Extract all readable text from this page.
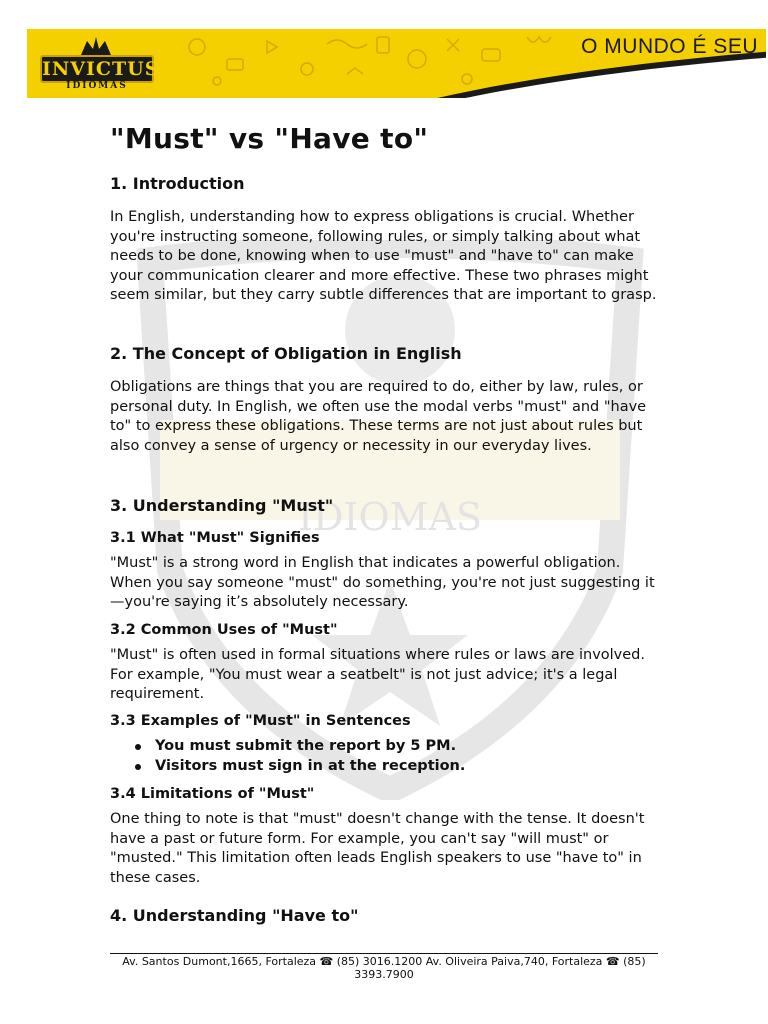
INVICTUS
IDIOMAS
O MUNDO É SEU
IDIOMAS
"Must" vs "Have to"
1. Introduction

In English, understanding how to express obligations is crucial. Whether you're instructing someone, following rules, or simply talking about what needs to be done, knowing when to use "must" and "have to" can make your communication clearer and more effective. These two phrases might seem similar, but they carry subtle differences that are important to grasp.

2. The Concept of Obligation in English

Obligations are things that you are required to do, either by law, rules, or personal duty. In English, we often use the modal verbs "must" and "have to" to express these obligations. These terms are not just about rules but also convey a sense of urgency or necessity in our everyday lives.

3. Understanding "Must"
3.1 What "Must" Signifies

"Must" is a strong word in English that indicates a powerful obligation. When you say someone "must" do something, you're not just suggesting it—you're saying it’s absolutely necessary.

3.2 Common Uses of "Must"

"Must" is often used in formal situations where rules or laws are involved. For example, "You must wear a seatbelt" is not just advice; it's a legal requirement.

3.3 Examples of "Must" in Sentences
You must submit the report by 5 PM.
Visitors must sign in at the reception.
3.4 Limitations of "Must"

One thing to note is that "must" doesn't change with the tense. It doesn't have a past or future form. For example, you can't say "will must" or "musted." This limitation often leads English speakers to use "have to" in these cases.

4. Understanding "Have to"
Av. Santos Dumont,1665, Fortaleza ☎ (85) 3016.1200 Av. Oliveira Paiva,740, Fortaleza ☎ (85)
3393.7900
